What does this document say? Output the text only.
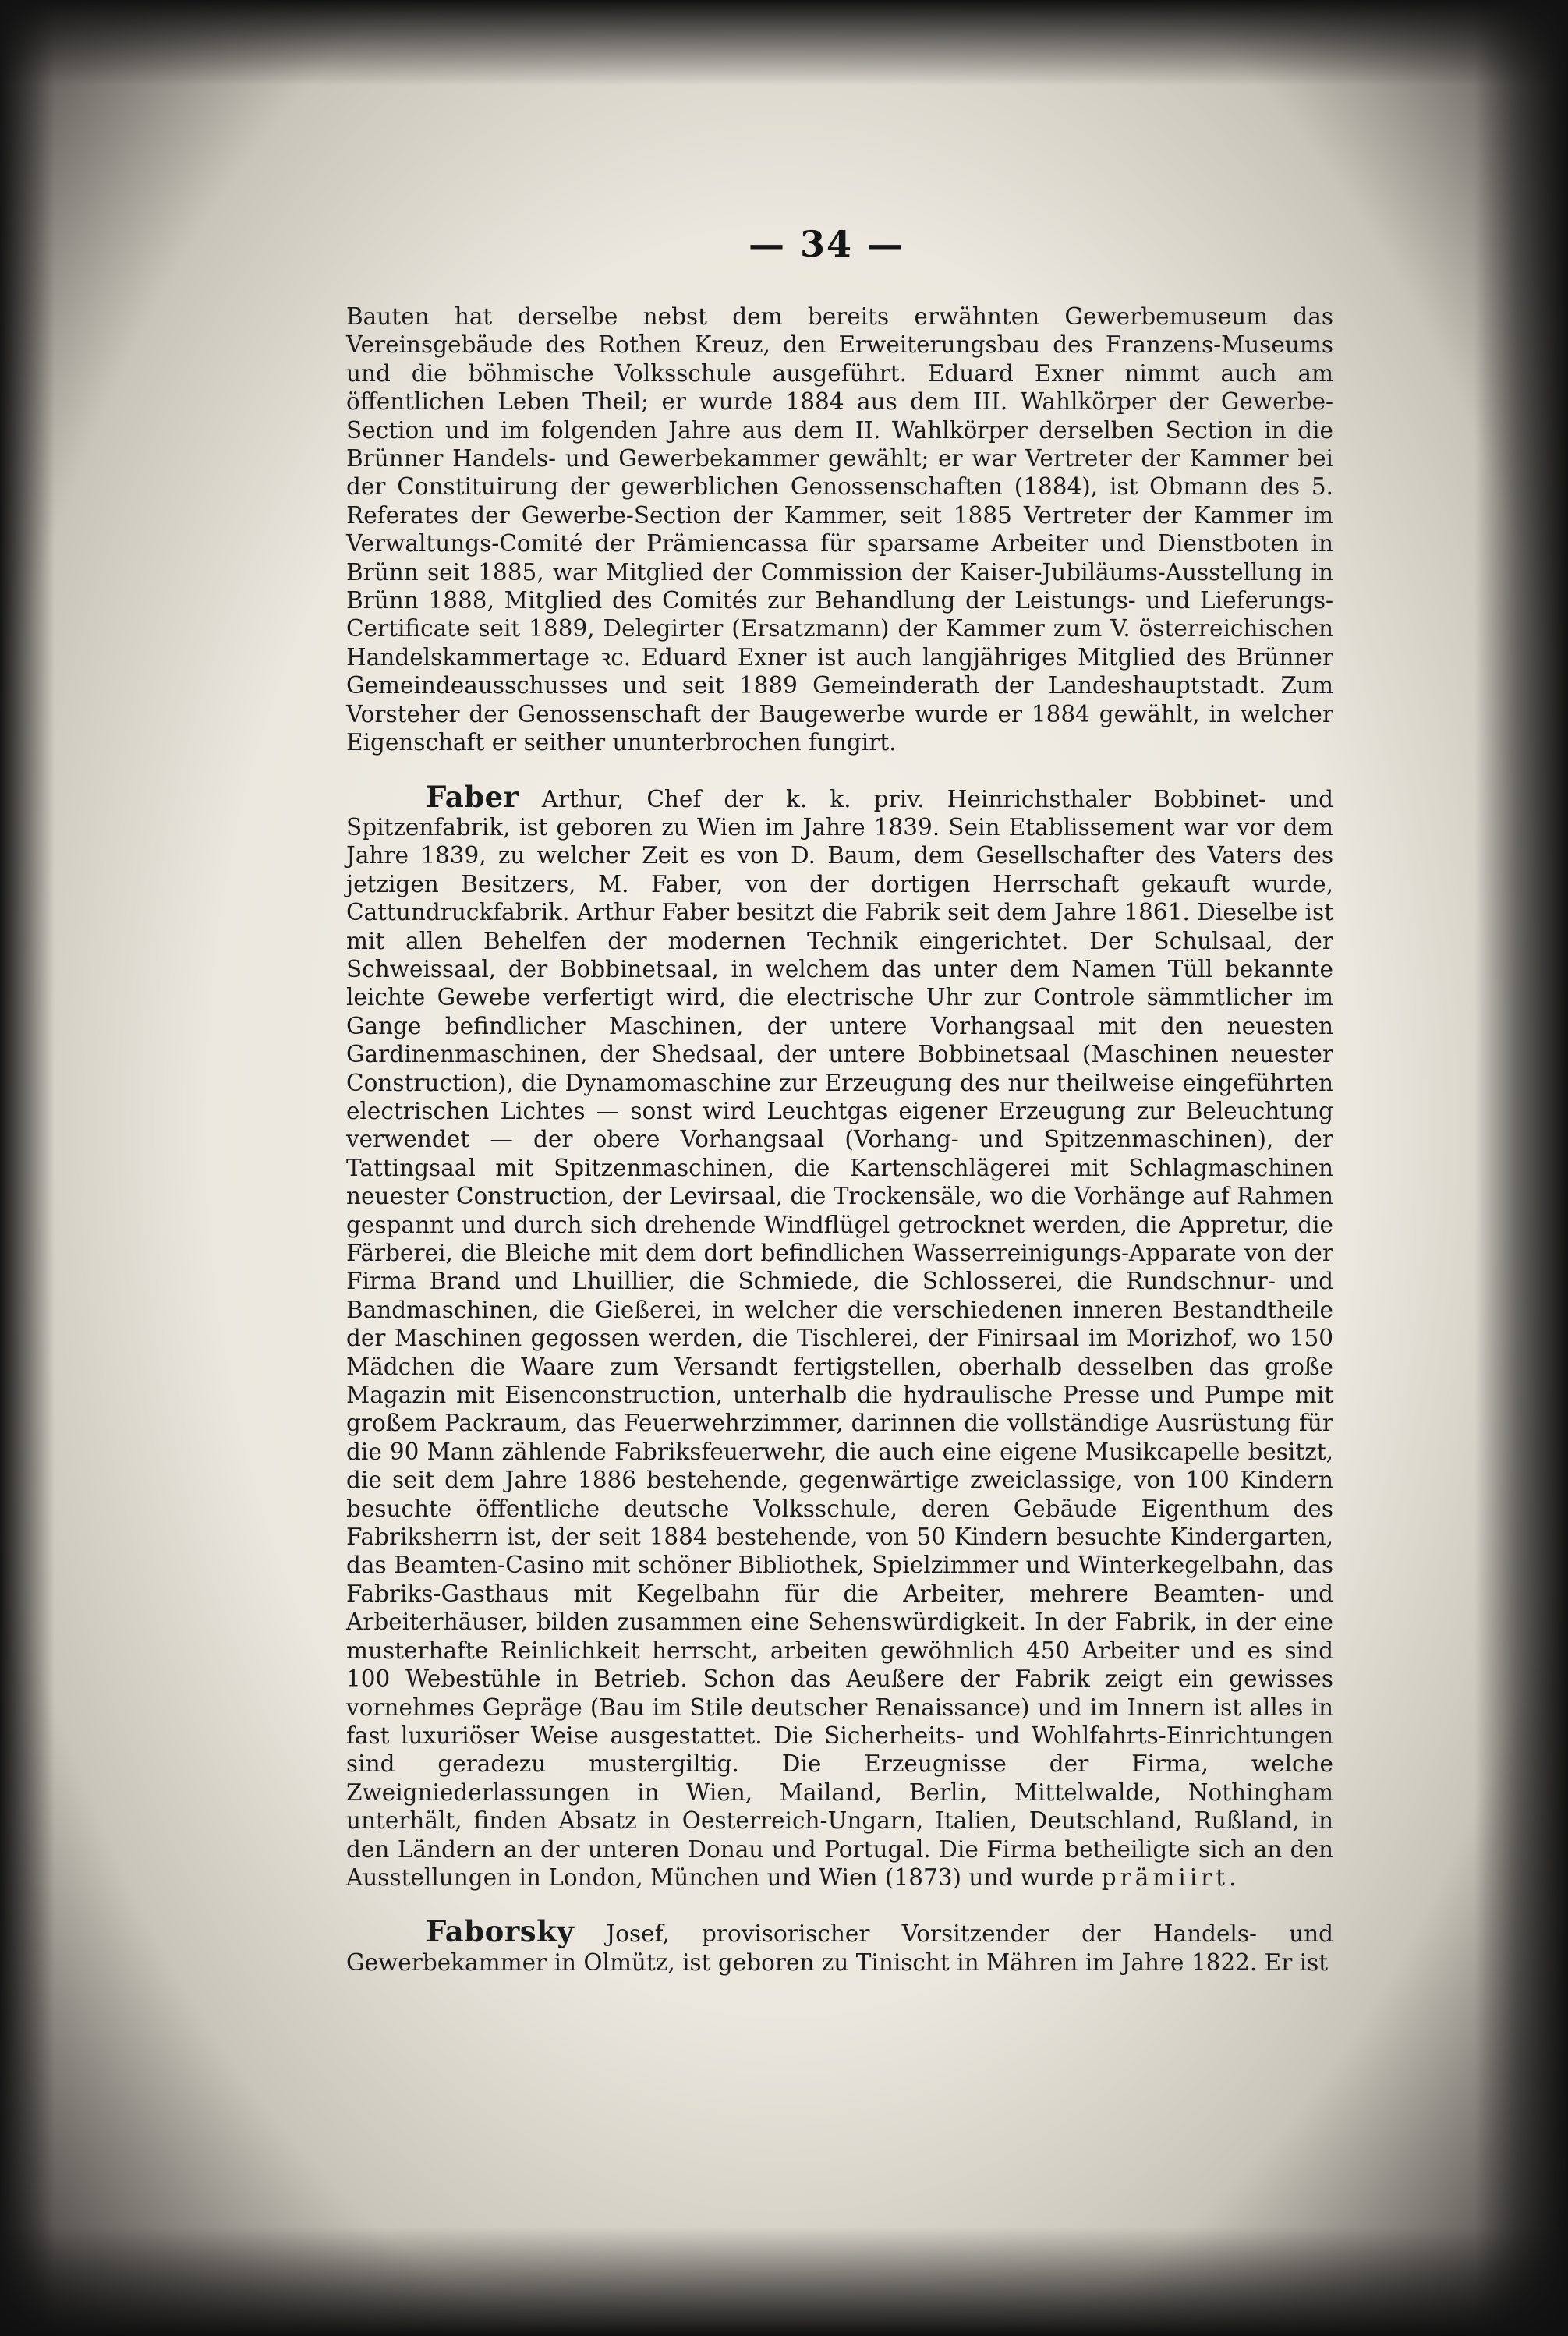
— 34 —

Bauten hat derselbe nebst dem bereits erwähnten Gewerbemuseum das Vereinsgebäude des Rothen Kreuz, den Erweiterungsbau des Franzens-Museums und die böhmische Volksschule ausgeführt. Eduard Exner nimmt auch am öffentlichen Leben Theil; er wurde 1884 aus dem III. Wahlkörper der Gewerbe-Section und im folgenden Jahre aus dem II. Wahlkörper derselben Section in die Brünner Handels- und Gewerbekammer gewählt; er war Vertreter der Kammer bei der Constituirung der gewerblichen Genossenschaften (1884), ist Obmann des 5. Referates der Gewerbe-Section der Kammer, seit 1885 Vertreter der Kammer im Verwaltungs-Comité der Prämiencassa für sparsame Arbeiter und Dienstboten in Brünn seit 1885, war Mitglied der Commission der Kaiser-Jubiläums-Ausstellung in Brünn 1888, Mitglied des Comités zur Behandlung der Leistungs- und Lieferungs-Certificate seit 1889, Delegirter (Ersatzmann) der Kammer zum V. österreichischen Handelskammertage ꝛc. Eduard Exner ist auch langjähriges Mitglied des Brünner Gemeindeausschusses und seit 1889 Gemeinderath der Landeshauptstadt. Zum Vorsteher der Genossenschaft der Baugewerbe wurde er 1884 gewählt, in welcher Eigenschaft er seither ununterbrochen fungirt.

Faber Arthur, Chef der k. k. priv. Heinrichsthaler Bobbinet- und Spitzenfabrik, ist geboren zu Wien im Jahre 1839. Sein Etablissement war vor dem Jahre 1839, zu welcher Zeit es von D. Baum, dem Gesellschafter des Vaters des jetzigen Besitzers, M. Faber, von der dortigen Herrschaft gekauft wurde, Cattundruckfabrik. Arthur Faber besitzt die Fabrik seit dem Jahre 1861. Dieselbe ist mit allen Behelfen der modernen Technik eingerichtet. Der Schulsaal, der Schweissaal, der Bobbinetsaal, in welchem das unter dem Namen Tüll bekannte leichte Gewebe verfertigt wird, die electrische Uhr zur Controle sämmtlicher im Gange befindlicher Maschinen, der untere Vorhangsaal mit den neuesten Gardinenmaschinen, der Shedsaal, der untere Bobbinetsaal (Maschinen neuester Construction), die Dynamomaschine zur Erzeugung des nur theilweise eingeführten electrischen Lichtes — sonst wird Leuchtgas eigener Erzeugung zur Beleuchtung verwendet — der obere Vorhangsaal (Vorhang- und Spitzenmaschinen), der Tattingsaal mit Spitzenmaschinen, die Kartenschlägerei mit Schlagmaschinen neuester Construction, der Levirsaal, die Trockensäle, wo die Vorhänge auf Rahmen gespannt und durch sich drehende Windflügel getrocknet werden, die Appretur, die Färberei, die Bleiche mit dem dort befindlichen Wasserreinigungs-Apparate von der Firma Brand und Lhuillier, die Schmiede, die Schlosserei, die Rundschnur- und Bandmaschinen, die Gießerei, in welcher die verschiedenen inneren Bestandtheile der Maschinen gegossen werden, die Tischlerei, der Finirsaal im Morizhof, wo 150 Mädchen die Waare zum Versandt fertigstellen, oberhalb desselben das große Magazin mit Eisenconstruction, unterhalb die hydraulische Presse und Pumpe mit großem Packraum, das Feuerwehrzimmer, darinnen die vollständige Ausrüstung für die 90 Mann zählende Fabriksfeuerwehr, die auch eine eigene Musikcapelle besitzt, die seit dem Jahre 1886 bestehende, gegenwärtige zweiclassige, von 100 Kindern besuchte öffentliche deutsche Volksschule, deren Gebäude Eigenthum des Fabriksherrn ist, der seit 1884 bestehende, von 50 Kindern besuchte Kindergarten, das Beamten-Casino mit schöner Bibliothek, Spielzimmer und Winterkegelbahn, das Fabriks-Gasthaus mit Kegelbahn für die Arbeiter, mehrere Beamten- und Arbeiterhäuser, bilden zusammen eine Sehenswürdigkeit. In der Fabrik, in der eine musterhafte Reinlichkeit herrscht, arbeiten gewöhnlich 450 Arbeiter und es sind 100 Webestühle in Betrieb. Schon das Aeußere der Fabrik zeigt ein gewisses vornehmes Gepräge (Bau im Stile deutscher Renaissance) und im Innern ist alles in fast luxuriöser Weise ausgestattet. Die Sicherheits- und Wohlfahrts-Einrichtungen sind geradezu mustergiltig. Die Erzeugnisse der Firma, welche Zweigniederlassungen in Wien, Mailand, Berlin, Mittelwalde, Nothingham unterhält, finden Absatz in Oesterreich-Ungarn, Italien, Deutschland, Rußland, in den Ländern an der unteren Donau und Portugal. Die Firma betheiligte sich an den Ausstellungen in London, München und Wien (1873) und wurde prämiirt.

Faborsky Josef, provisorischer Vorsitzender der Handels- und Gewerbekammer in Olmütz, ist geboren zu Tinischt in Mähren im Jahre 1822. Er ist
